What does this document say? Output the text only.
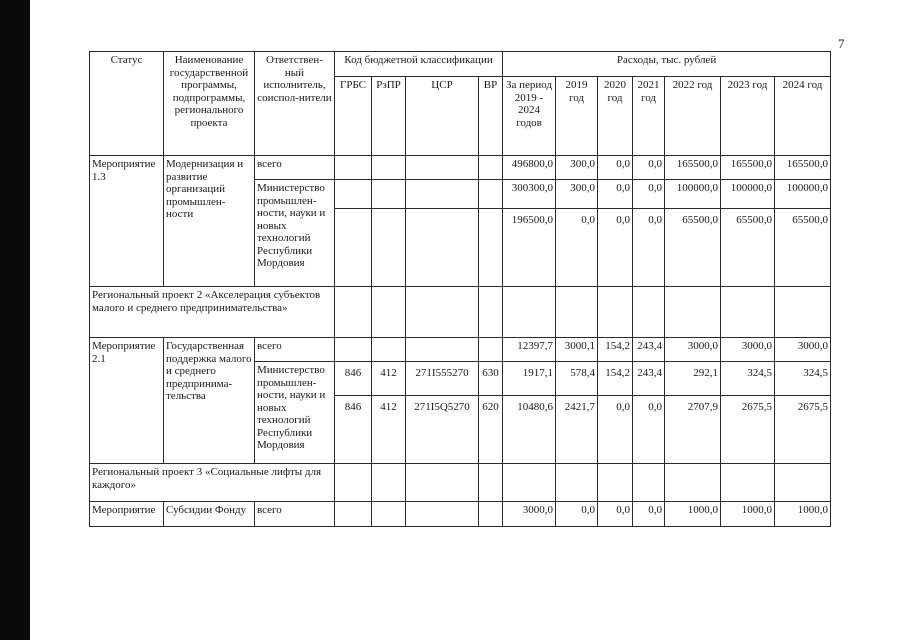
7
Статус	Наименование государственной программы, подпрограммы, регионального проекта	Ответствен-ный исполнитель, соиспол-нители	Код бюджетной классификации				Расходы, тыс. рублей						
			ГРБС	РзПР	ЦСР	ВР	За период 2019 - 2024 годов	2019 год	2020 год	2021 год	2022 год	2023 год	2024 год
Мероприятие 1.3	Модернизация и развитие организаций промышлен-ности	всего					496800,0	300,0	0,0	0,0	165500,0	165500,0	165500,0
		Министерство промышлен-ности, науки и новых технологий Республики Мордовия					300300,0	300,0	0,0	0,0	100000,0	100000,0	100000,0
							196500,0	0,0	0,0	0,0	65500,0	65500,0	65500,0
Региональный проект 2 «Акселерация субъектов малого и среднего предпринимательства»													
Мероприятие 2.1	Государственная поддержка малого и среднего предпринима-тельства	всего					12397,7	3000,1	154,2	243,4	3000,0	3000,0	3000,0
		Министерство промышлен-ности, науки и новых технологий Республики Мордовия	846	412	271I555270	630	1917,1	578,4	154,2	243,4	292,1	324,5	324,5
			846	412	271I5Q5270	620	10480,6	2421,7	0,0	0,0	2707,9	2675,5	2675,5
Региональный проект 3 «Социальные лифты для каждого»													
Мероприятие	Субсидии Фонду	всего					3000,0	0,0	0,0	0,0	1000,0	1000,0	1000,0
